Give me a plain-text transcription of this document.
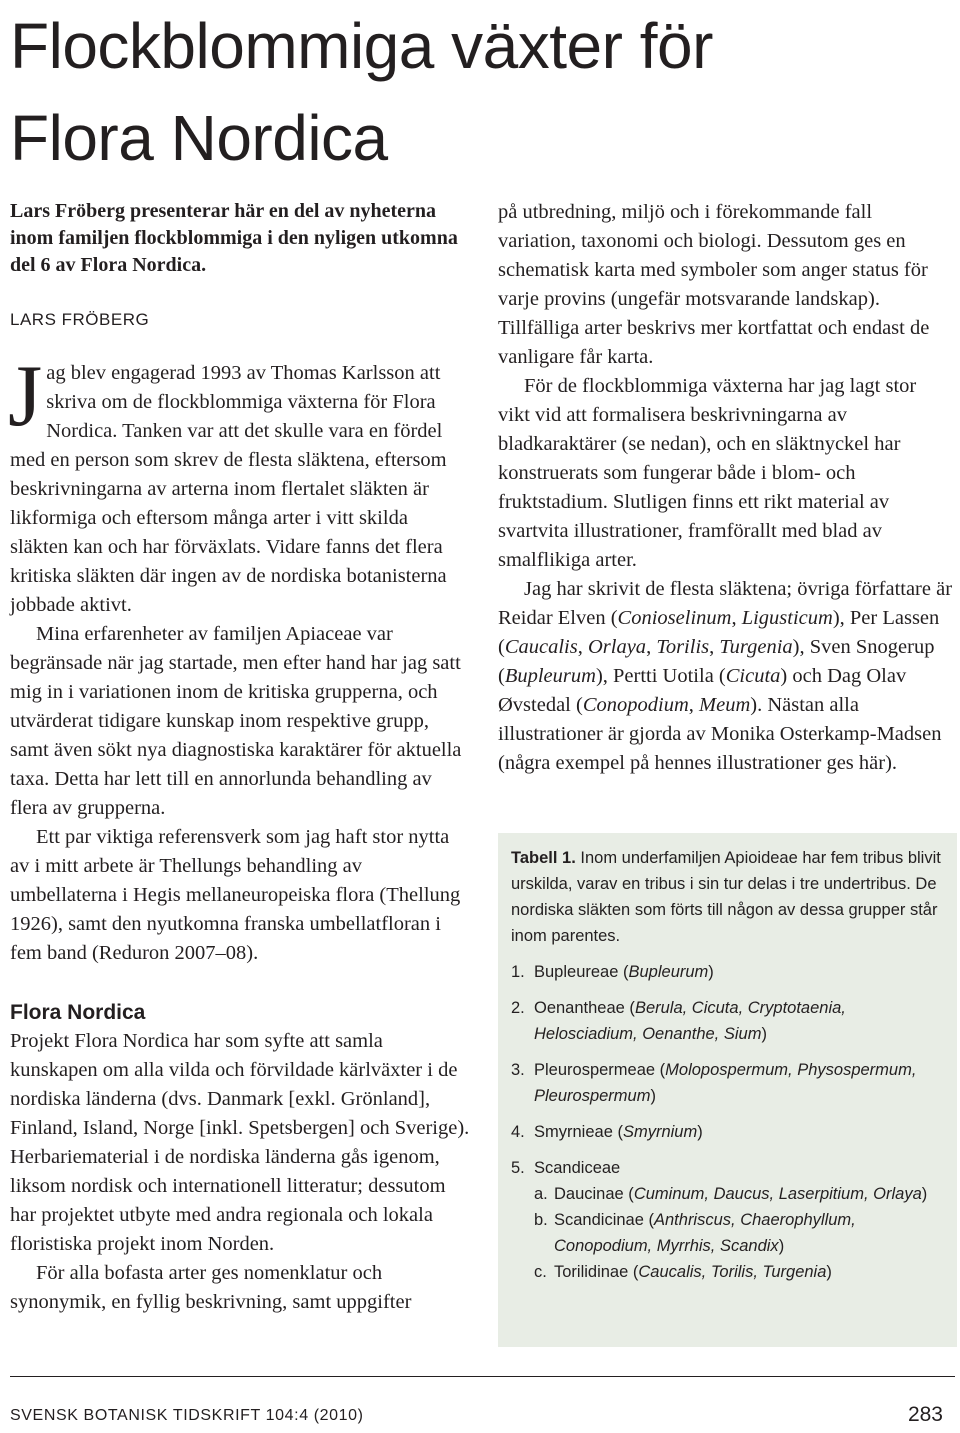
Flockblommiga växter för
Flora Nordica

Lars Fröberg presenterar här en del av nyheterna inom familjen flockblommiga i den nyligen utkomna del 6 av Flora Nordica.

LARS FRÖBERG

Jag blev engagerad 1993 av Thomas Karlsson att skriva om de flockblommiga växterna för Flora Nordica. Tanken var att det skulle vara en fördel med en person som skrev de flesta släktena, eftersom beskrivningarna av arterna inom flertalet släkten är likformiga och eftersom många arter i vitt skilda släkten kan och har förväxlats. Vidare fanns det flera kritiska släkten där ingen av de nordiska botanisterna jobbade aktivt.

Mina erfarenheter av familjen Apiaceae var begränsade när jag startade, men efter hand har jag satt mig in i variationen inom de kritiska grupperna, och utvärderat tidigare kunskap inom respektive grupp, samt även sökt nya diagnostiska karaktärer för aktuella taxa. Detta har lett till en annorlunda behandling av flera av grupperna.

Ett par viktiga referensverk som jag haft stor nytta av i mitt arbete är Thellungs behandling av umbellaterna i Hegis mellaneuropeiska flora (Thellung 1926), samt den nyutkomna franska umbellatfloran i fem band (Reduron 2007–08).

Flora Nordica

Projekt Flora Nordica har som syfte att samla kunskapen om alla vilda och förvildade kärlväxter i de nordiska länderna (dvs. Danmark [exkl. Grönland], Finland, Island, Norge [inkl. Spetsbergen] och Sverige). Herbariematerial i de nordiska länderna gås igenom, liksom nordisk och internationell litteratur; dessutom har projektet utbyte med andra regionala och lokala floristiska projekt inom Norden.

För alla bofasta arter ges nomenklatur och synonymik, en fyllig beskrivning, samt uppgifter

på utbredning, miljö och i förekommande fall variation, taxonomi och biologi. Dessutom ges en schematisk karta med symboler som anger status för varje provins (ungefär motsvarande landskap). Tillfälliga arter beskrivs mer kortfattat och endast de vanligare får karta.

För de flockblommiga växterna har jag lagt stor vikt vid att formalisera beskrivningarna av bladkaraktärer (se nedan), och en släktnyckel har konstruerats som fungerar både i blom- och fruktstadium. Slutligen finns ett rikt material av svartvita illustrationer, framförallt med blad av smalflikiga arter.

Jag har skrivit de flesta släktena; övriga författare är Reidar Elven (Conioselinum, Ligusticum), Per Lassen (Caucalis, Orlaya, Torilis, Turgenia), Sven Snogerup (Bupleurum), Pertti Uotila (Cicuta) och Dag Olav Øvstedal (Conopodium, Meum). Nästan alla illustrationer är gjorda av Monika Osterkamp-Madsen (några exempel på hennes illustrationer ges här).

Tabell 1. Inom underfamiljen Apioideae har fem tribus blivit urskilda, varav en tribus i sin tur delas i tre undertribus. De nordiska släkten som förts till någon av dessa grupper står inom parentes.

1. Bupleureae (Bupleurum)
2. Oenantheae (Berula, Cicuta, Cryptotaenia, Helosciadium, Oenanthe, Sium)
3. Pleurospermeae (Molopospermum, Physospermum, Pleurospermum)
4. Smyrnieae (Smyrnium)
5. Scandiceae
a. Daucinae (Cuminum, Daucus, Laserpitium, Orlaya)
b. Scandicinae (Anthriscus, Chaerophyllum, Conopodium, Myrrhis, Scandix)
c. Torilidinae (Caucalis, Torilis, Turgenia)
SVENSK BOTANISK TIDSKRIFT 104:4 (2010)	283
